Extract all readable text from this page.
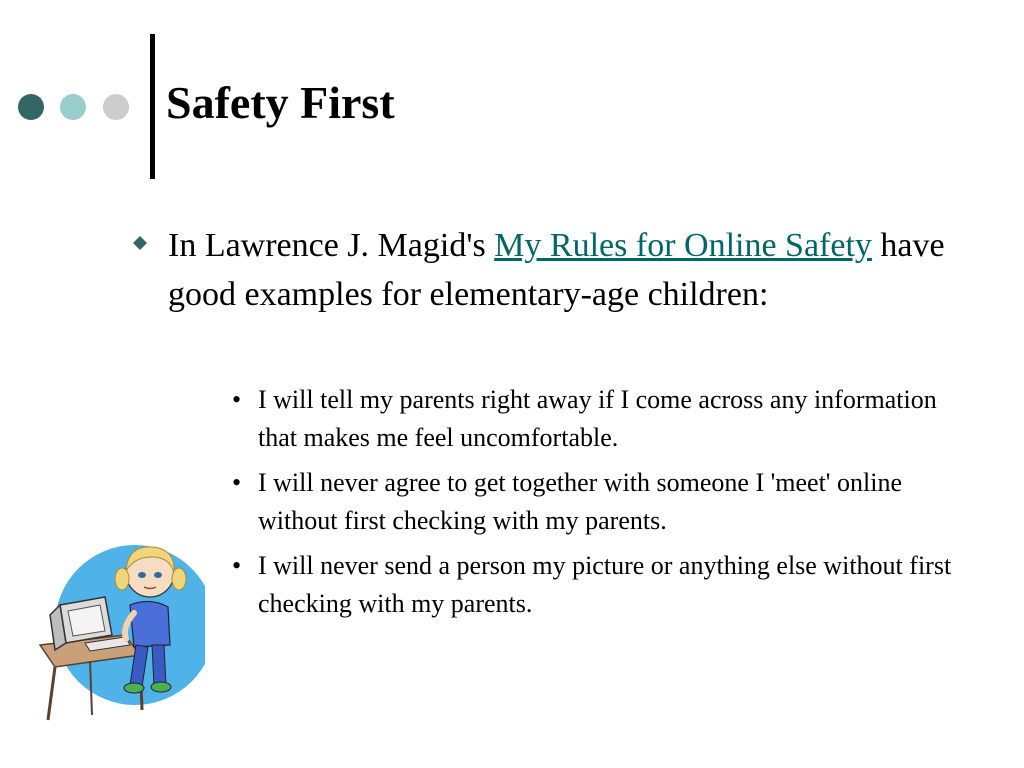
Safety First

In Lawrence J. Magid's My Rules for Online Safety have good examples for elementary-age children:

• I will tell my parents right away if I come across any information that makes me feel uncomfortable.
• I will never agree to get together with someone I 'meet' online without first checking with my parents.
• I will never send a person my picture or anything else without first checking with my parents.
